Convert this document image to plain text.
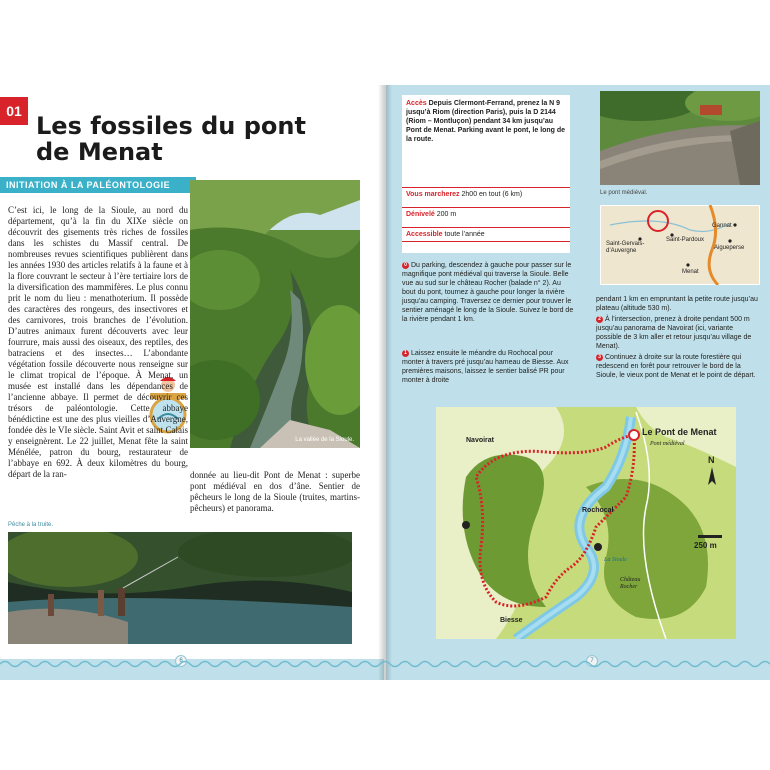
01
Les fossiles du pont
de Menat
INITIATION À LA PALÉONTOLOGIE
La vallée de la Sioule.
C’est ici, le long de la Sioule, au nord du département, qu’à la fin du XIXe siècle on découvrit des gisements très riches de fossiles dans les schistes du Massif central. De nombreuses revues scientifiques publièrent dans les années 1930 des articles relatifs à la faune et à la flore couvrant le secteur à l’ère tertiaire lors de la diversification des mammifères. Le plus connu prit le nom du lieu : menathoterium. Il possède des caractères des rongeurs, des insectivores et des carnivores, trois branches de l’évolution. D’autres animaux furent découverts avec leur fourrure, mais aussi des oiseaux, des reptiles, des batraciens et des insectes… L’abondante végétation fossile découverte nous renseigne sur le climat tropical de l’époque. À Menat, un musée est installé dans les dépendances de l’ancienne abbaye. Il permet de découvrir ces trésors de paléontologie. Cette abbaye bénédictine est une des plus vieilles d’Auvergne, fondée dès le VIe siècle. Saint Avit et saint Calais y enseignèrent. Le 22 juillet, Menat fête la saint Ménélée, patron du bourg, restaurateur de l’abbaye en 692. À deux kilomètres du bourg, départ de la ran-	donnée au lieu-dit Pont de Menat : superbe pont médiéval en dos d’âne. Sentier de pêcheurs le long de la Sioule (truites, martins-pêcheurs) et panorama.
Pêche à la truite.
6
Accès Depuis Clermont-Ferrand, prenez la N 9 jusqu’à Riom (direction Paris), puis la D 2144 (Riom – Montluçon) pendant 34 km jusqu’au Pont de Menat. Parking avant le pont, le long de la route.
Vous marcherez 2h00 en tout (6 km)
Dénivelé 200 m
Accessible toute l’année
Le pont médiéval.
Gannat
Aigueperse
Saint-Gervais-d’Auvergne
Saint-Pardoux
Menat
0 Du parking, descendez à gauche pour passer sur le magnifique pont médiéval qui traverse la Sioule. Belle vue au sud sur le château Rocher (balade n° 2). Au bout du pont, tournez à gauche pour longer la rivière jusqu’au camping. Traversez ce dernier pour trouver le sentier aménagé le long de la Sioule. Suivez le bord de la rivière pendant 1 km.
1 Laissez ensuite le méandre du Rochocal pour monter à travers pré jusqu’au hameau de Biesse. Aux premières maisons, laissez le sentier balisé PR pour monter à droite
pendant 1 km en empruntant la petite route jusqu’au plateau (altitude 530 m).
2 À l’intersection, prenez à droite pendant 500 m jusqu’au panorama de Navoirat (ici, variante possible de 3 km aller et retour jusqu’au village de Menat).
3 Continuez à droite sur la route forestière qui redescend en forêt pour retrouver le bord de la Sioule, le vieux pont de Menat et le point de départ.
Le Pont de Menat
Pont médiéval
Navoirat
Rochocal
Biesse
Château Rocher
La Sioule
N
250 m
7
